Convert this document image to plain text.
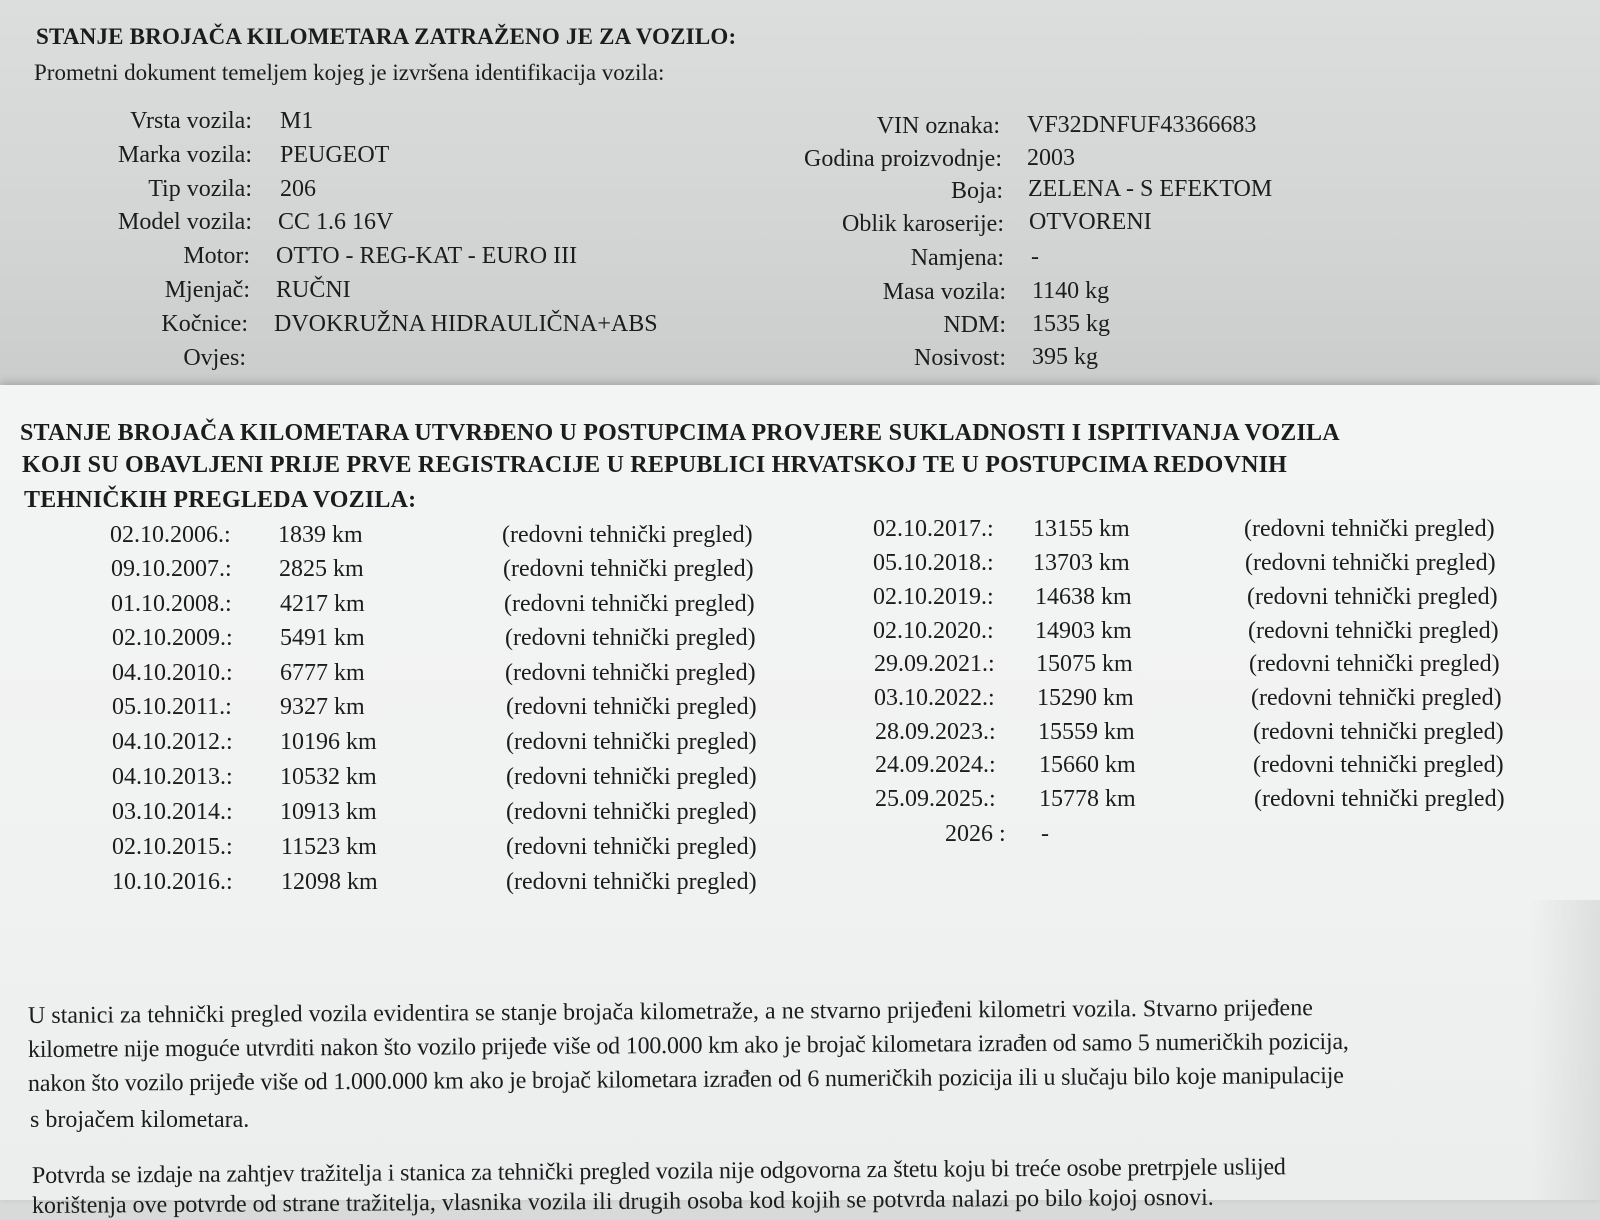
STANJE BROJAČA KILOMETARA ZATRAŽENO JE ZA VOZILO:
Prometni dokument temeljem kojeg je izvršena identifikacija vozila:
Vrsta vozila: M1
Marka vozila: PEUGEOT
Tip vozila: 206
Model vozila: CC 1.6 16V
Motor: OTTO - REG-KAT - EURO III
Mjenjač: RUČNI
Kočnice: DVOKRUŽNA HIDRAULIČNA+ABS
Ovjes:
VIN oznaka: VF32DNFUF43366683
Godina proizvodnje: 2003
Boja: ZELENA - S EFEKTOM
Oblik karoserije: OTVORENI
Namjena: -
Masa vozila: 1140 kg
NDM: 1535 kg
Nosivost: 395 kg
STANJE BROJAČA KILOMETARA UTVRĐENO U POSTUPCIMA PROVJERE SUKLADNOSTI I ISPITIVANJA VOZILA
KOJI SU OBAVLJENI PRIJE PRVE REGISTRACIJE U REPUBLICI HRVATSKOJ TE U POSTUPCIMA REDOVNIH
TEHNIČKIH PREGLEDA VOZILA:
02.10.2006.: 1839 km	(redovni tehnički pregled)
09.10.2007.: 2825 km	(redovni tehnički pregled)
01.10.2008.: 4217 km	(redovni tehnički pregled)
02.10.2009.: 5491 km	(redovni tehnički pregled)
04.10.2010.: 6777 km	(redovni tehnički pregled)
05.10.2011.: 9327 km	(redovni tehnički pregled)
04.10.2012.: 10196 km	(redovni tehnički pregled)
04.10.2013.: 10532 km	(redovni tehnički pregled)
03.10.2014.: 10913 km	(redovni tehnički pregled)
02.10.2015.: 11523 km	(redovni tehnički pregled)
10.10.2016.: 12098 km	(redovni tehnički pregled)
02.10.2017.: 13155 km	(redovni tehnički pregled)
05.10.2018.: 13703 km	(redovni tehnički pregled)
02.10.2019.: 14638 km	(redovni tehnički pregled)
02.10.2020.: 14903 km	(redovni tehnički pregled)
29.09.2021.: 15075 km	(redovni tehnički pregled)
03.10.2022.: 15290 km	(redovni tehnički pregled)
28.09.2023.: 15559 km	(redovni tehnički pregled)
24.09.2024.: 15660 km	(redovni tehnički pregled)
25.09.2025.: 15778 km	(redovni tehnički pregled)
2026 : -
U stanici za tehnički pregled vozila evidentira se stanje brojača kilometraže, a ne stvarno prijeđeni kilometri vozila. Stvarno prijeđene
kilometre nije moguće utvrditi nakon što vozilo prijeđe više od 100.000 km ako je brojač kilometara izrađen od samo 5 numeričkih pozicija,
nakon što vozilo prijeđe više od 1.000.000 km ako je brojač kilometara izrađen od 6 numeričkih pozicija ili u slučaju bilo koje manipulacije
s brojačem kilometara.
Potvrda se izdaje na zahtjev tražitelja i stanica za tehnički pregled vozila nije odgovorna za štetu koju bi treće osobe pretrpjele uslijed
korištenja ove potvrde od strane tražitelja, vlasnika vozila ili drugih osoba kod kojih se potvrda nalazi po bilo kojoj osnovi.
